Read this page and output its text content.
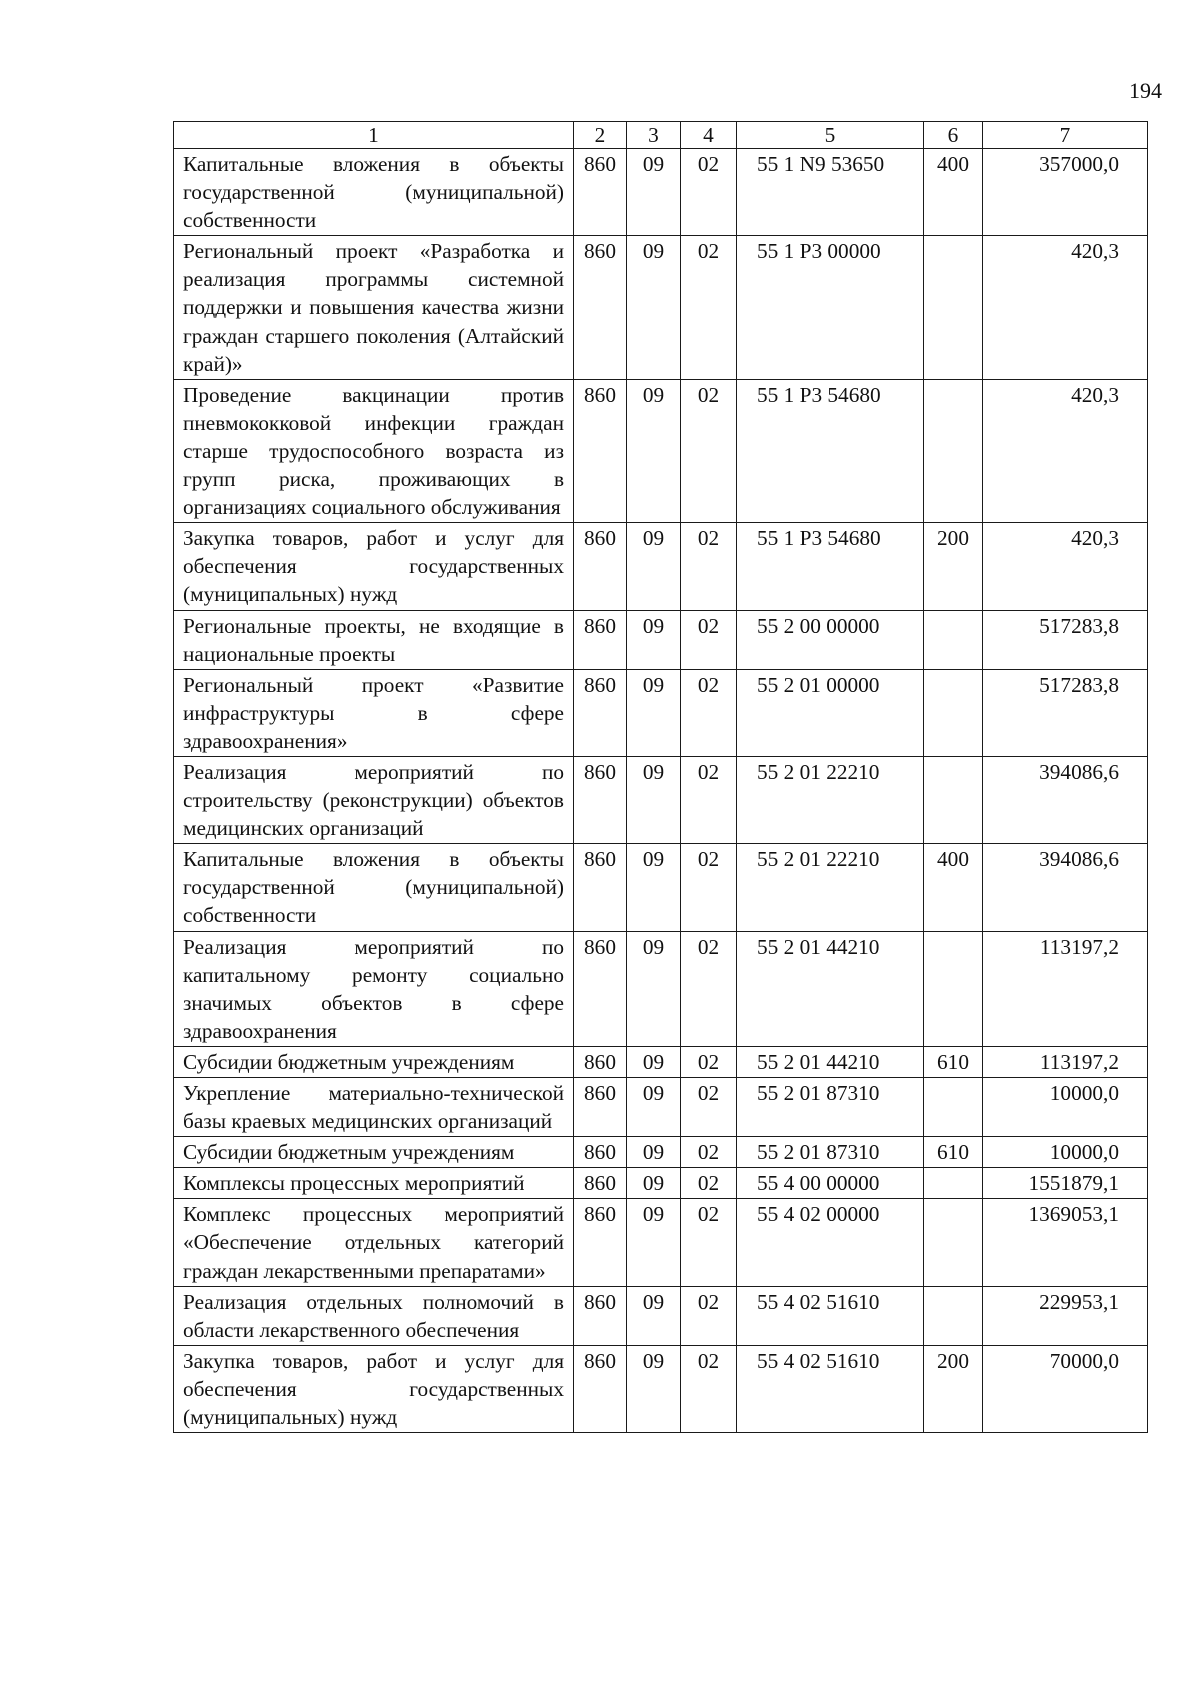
194
1	2	3	4	5	6	7
Капитальные вложения в объекты государственной (муниципальной) собственности	860	09	02	55 1 N9 53650	400	357000,0
Региональный проект «Разработка и реализация программы системной поддержки и повышения качества жизни граждан старшего поколения (Алтайский край)»	860	09	02	55 1 P3 00000		420,3
Проведение вакцинации против пневмококковой инфекции граждан старше трудоспособного возраста из групп риска, проживающих в организациях социального обслуживания	860	09	02	55 1 P3 54680		420,3
Закупка товаров, работ и услуг для обеспечения государственных (муниципальных) нужд	860	09	02	55 1 P3 54680	200	420,3
Региональные проекты, не входящие в национальные проекты	860	09	02	55 2 00 00000		517283,8
Региональный проект «Развитие инфраструктуры в сфере здравоохранения»	860	09	02	55 2 01 00000		517283,8
Реализация мероприятий по строительству (реконструкции) объектов медицинских организаций	860	09	02	55 2 01 22210		394086,6
Капитальные вложения в объекты государственной (муниципальной) собственности	860	09	02	55 2 01 22210	400	394086,6
Реализация мероприятий по капитальному ремонту социально значимых объектов в сфере здравоохранения	860	09	02	55 2 01 44210		113197,2
Субсидии бюджетным учреждениям	860	09	02	55 2 01 44210	610	113197,2
Укрепление материально-технической базы краевых медицинских организаций	860	09	02	55 2 01 87310		10000,0
Субсидии бюджетным учреждениям	860	09	02	55 2 01 87310	610	10000,0
Комплексы процессных мероприятий	860	09	02	55 4 00 00000		1551879,1
Комплекс процессных мероприятий «Обеспечение отдельных категорий граждан лекарственными препаратами»	860	09	02	55 4 02 00000		1369053,1
Реализация отдельных полномочий в области лекарственного обеспечения	860	09	02	55 4 02 51610		229953,1
Закупка товаров, работ и услуг для обеспечения государственных (муниципальных) нужд	860	09	02	55 4 02 51610	200	70000,0
